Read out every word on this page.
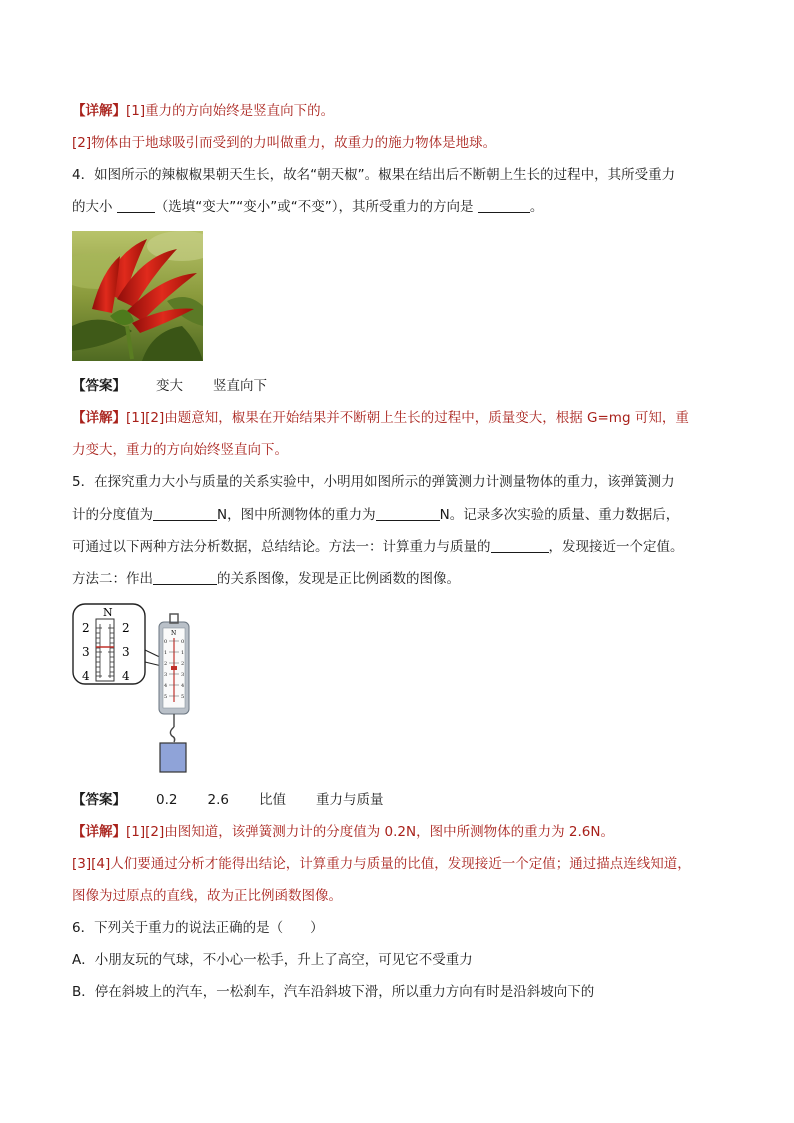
【详解】[1]重力的方向始终是竖直向下的。
[2]物体由于地球吸引而受到的力叫做重力，故重力的施力物体是地球。
4．如图所示的辣椒椒果朝天生长，故名“朝天椒”。椒果在结出后不断朝上生长的过程中，其所受重力
的大小	（选填“变大”“变小”或“不变”），其所受重力的方向是	。
【答案】 变大 竖直向下
【详解】[1][2]由题意知，椒果在开始结果并不断朝上生长的过程中，质量变大，根据 G=mg 可知，重
力变大，重力的方向始终竖直向下。
5．在探究重力大小与质量的关系实验中，小明用如图所示的弹簧测力计测量物体的重力，该弹簧测力
计的分度值为	N，图中所测物体的重力为	N。记录多次实验的质量、重力数据后，
可通过以下两种方法分析数据，总结结论。方法一：计算重力与质量的	，发现接近一个定值。
方法二：作出	的关系图像，发现是正比例函数的图像。
N
2
3
4
2
3
4
N
0
1
2
3
4
5
0
1
2
3
4
5
【答案】 0.2 2.6 比值 重力与质量
【详解】[1][2]由图知道，该弹簧测力计的分度值为 0.2N，图中所测物体的重力为 2.6N。
[3][4]人们要通过分析才能得出结论，计算重力与质量的比值，发现接近一个定值；通过描点连线知道，
图像为过原点的直线，故为正比例函数图像。
6．下列关于重力的说法正确的是（　　）
A．小朋友玩的气球，不小心一松手，升上了高空，可见它不受重力
B．停在斜坡上的汽车，一松刹车，汽车沿斜坡下滑，所以重力方向有时是沿斜坡向下的
